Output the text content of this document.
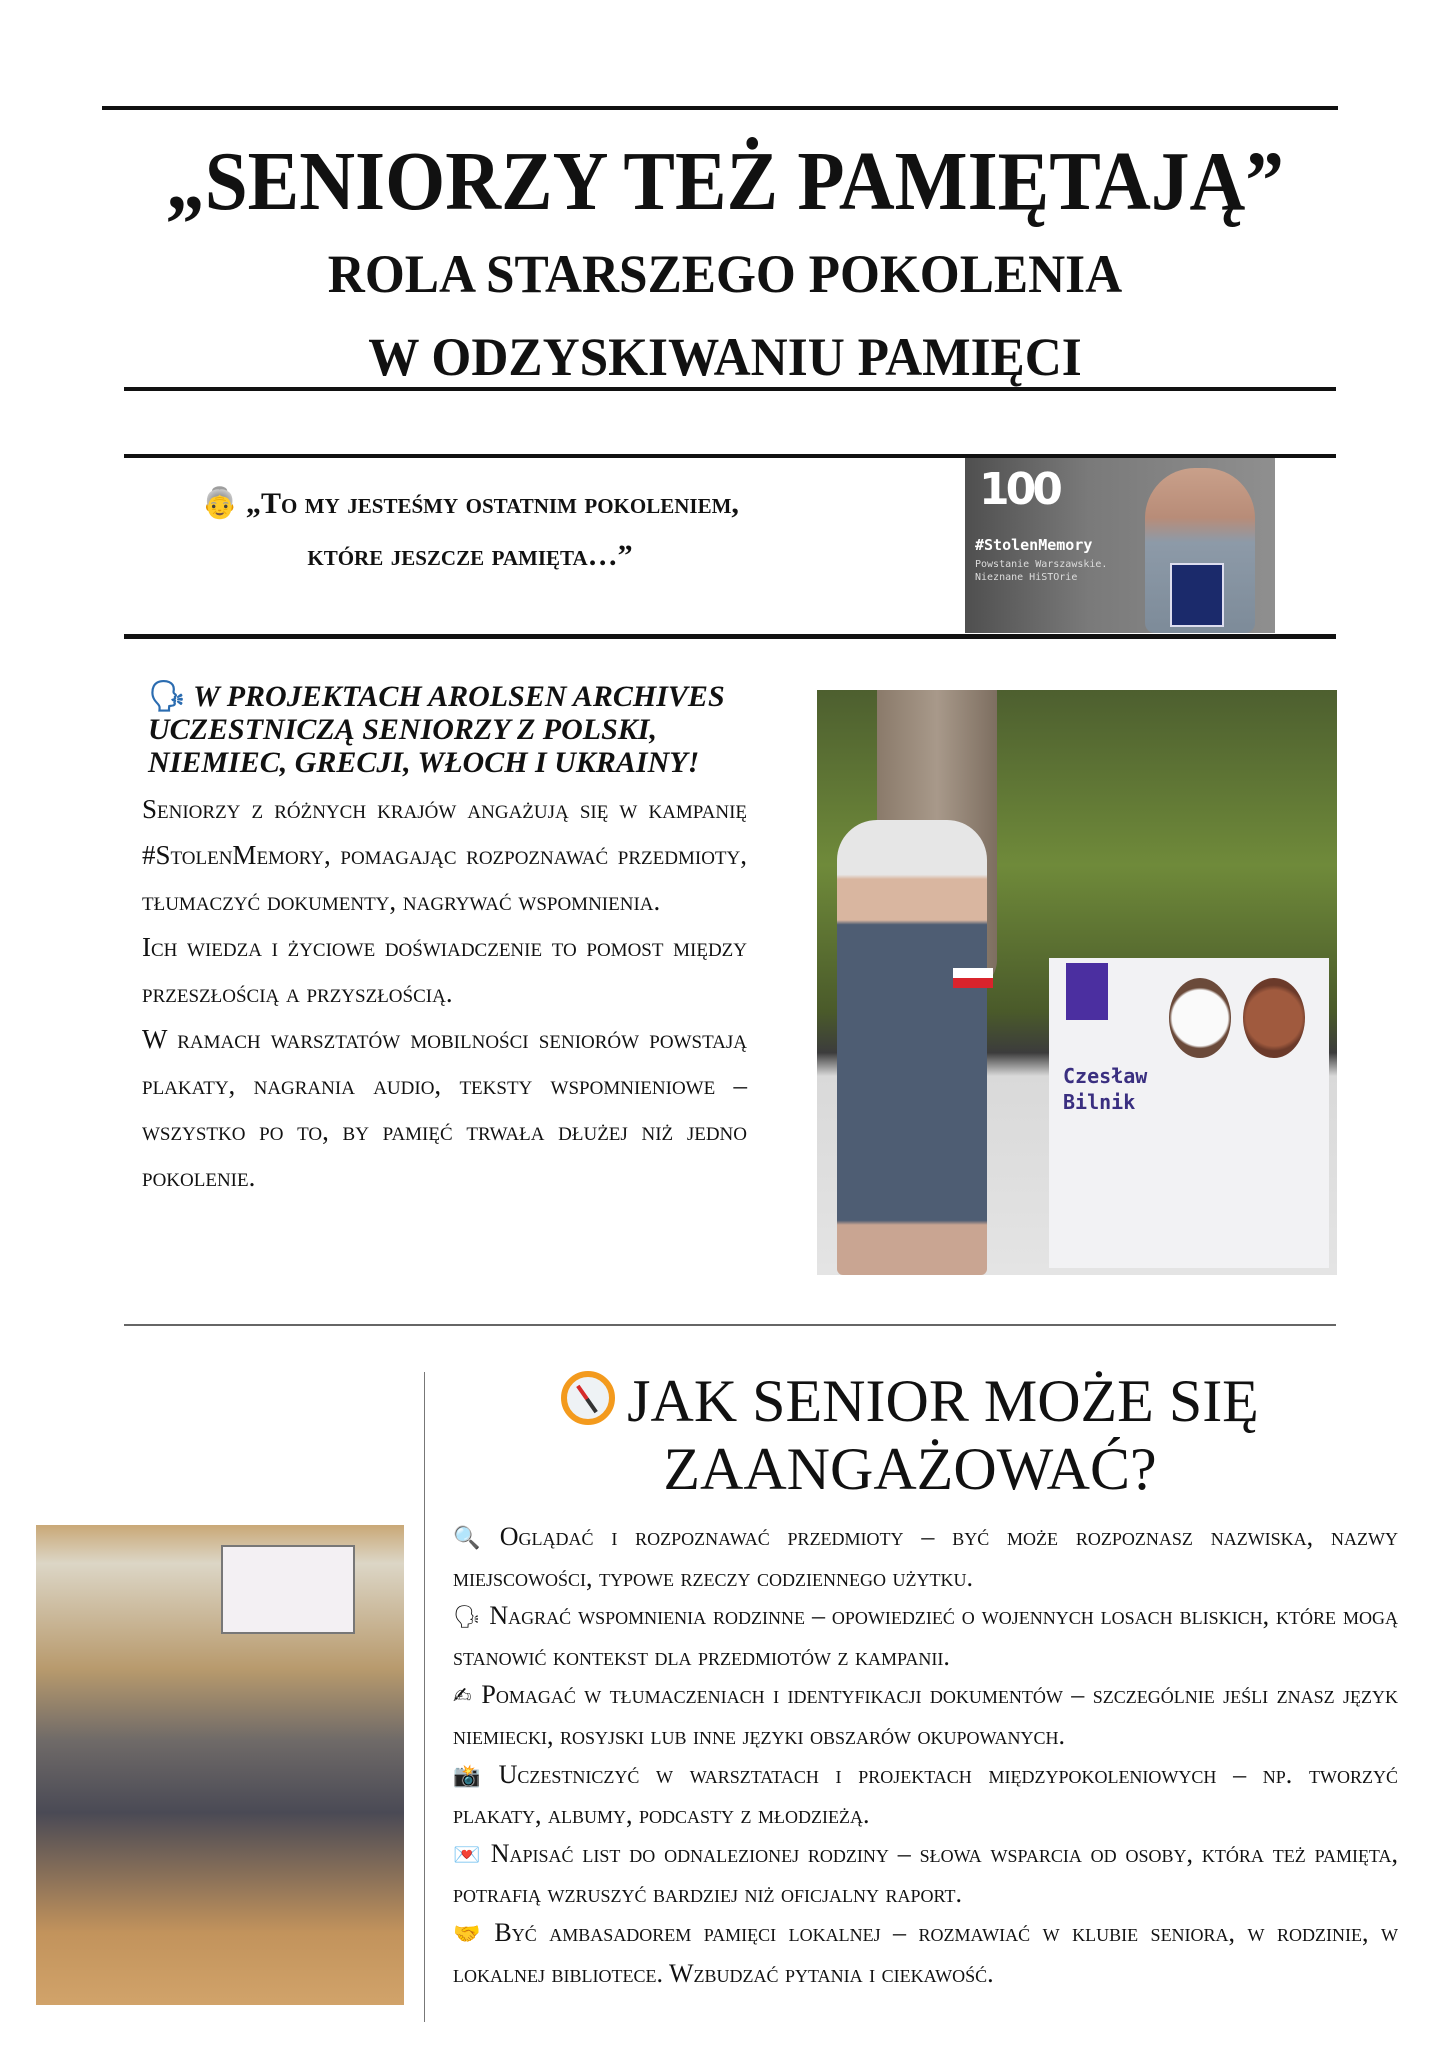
„SENIORZY TEŻ PAMIĘTAJĄ”
ROLA STARSZEGO POKOLENIA
W ODZYSKIWANIU PAMIĘCI
👵 „To my jesteśmy ostatnim pokoleniem, które jeszcze pamięta…”
100
#StolenMemory
Powstanie Warszawskie.
Nieznane HiSTOrie
🗣 W PROJEKTACH AROLSEN ARCHIVES UCZESTNICZĄ SENIORZY Z POLSKI, NIEMIEC, GRECJI, WŁOCH I UKRAINY!

Seniorzy z różnych krajów angażują się w kampanię #StolenMemory, pomagając rozpoznawać przedmioty, tłumaczyć dokumenty, nagrywać wspomnienia.

Ich wiedza i życiowe doświadczenie to pomost między przeszłością a przyszłością.

W ramach warsztatów mobilności seniorów powstają plakaty, nagrania audio, teksty wspomnieniowe – wszystko po to, by pamięć trwała dłużej niż jedno pokolenie.

Czesław
Bilnik
JAK SENIOR MOŻE SIĘ
ZAANGAŻOWAĆ?

🔍 Oglądać i rozpoznawać przedmioty – być może rozpoznasz nazwiska, nazwy miejscowości, typowe rzeczy codziennego użytku.

🗣 Nagrać wspomnienia rodzinne – opowiedzieć o wojennych losach bliskich, które mogą stanowić kontekst dla przedmiotów z kampanii.

✍ Pomagać w tłumaczeniach i identyfikacji dokumentów – szczególnie jeśli znasz język niemiecki, rosyjski lub inne języki obszarów okupowanych.

📸 Uczestniczyć w warsztatach i projektach międzypokoleniowych – np. tworzyć plakaty, albumy, podcasty z młodzieżą.

💌 Napisać list do odnalezionej rodziny – słowa wsparcia od osoby, która też pamięta, potrafią wzruszyć bardziej niż oficjalny raport.

🤝 Być ambasadorem pamięci lokalnej – rozmawiać w klubie seniora, w rodzinie, w lokalnej bibliotece. Wzbudzać pytania i ciekawość.
